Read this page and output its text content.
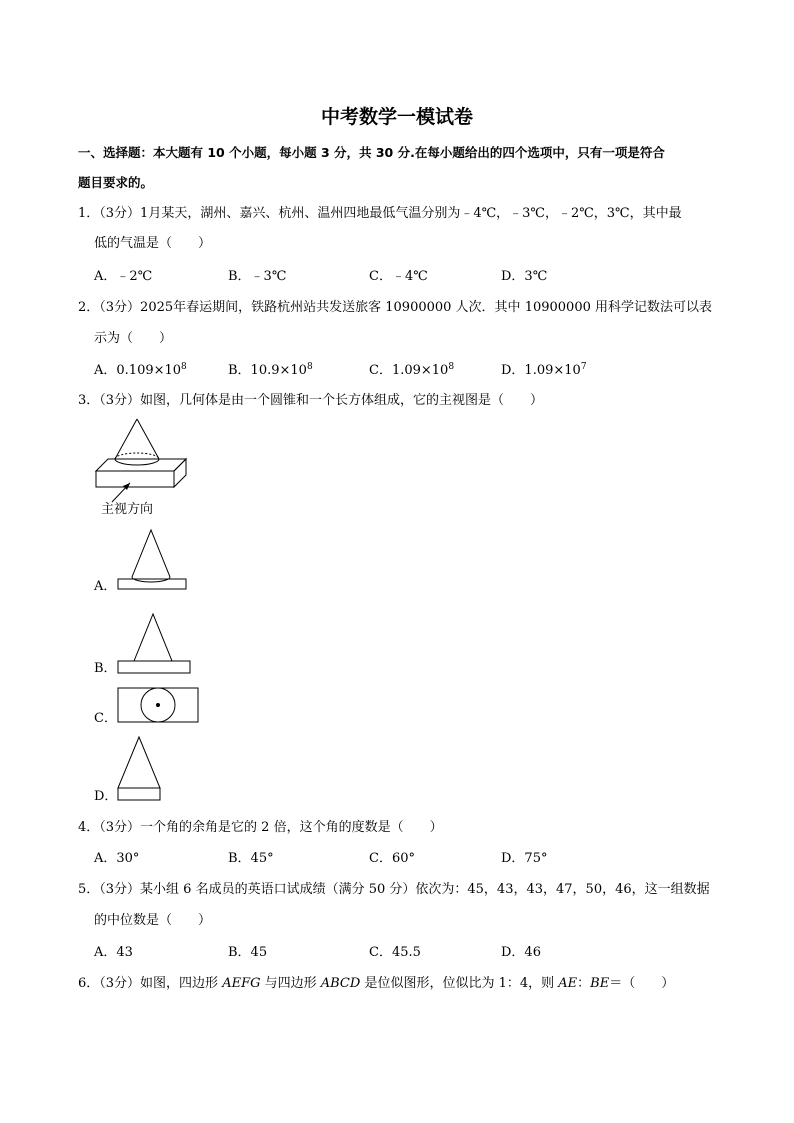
中考数学一模试卷
一、选择题：本大题有 10 个小题，每小题 3 分，共 30 分.在每小题给出的四个选项中，只有一项是符合
题目要求的。
1．（3分）1月某天，湖州、嘉兴、杭州、温州四地最低气温分别为﹣4℃，﹣3℃，﹣2℃，3℃，其中最
低的气温是（　　）
A．﹣2℃	B．﹣3℃	C．﹣4℃	D．3℃
2．（3分）2025年春运期间，铁路杭州站共发送旅客 10900000 人次．其中 10900000 用科学记数法可以表
示为（　　）
A．$0.109\times 10^8$	B．$10.9\times 10^8$	C．$1.09\times 10^8$	D．$1.09\times 10^7$
3．（3分）如图，几何体是由一个圆锥和一个长方体组成，它的主视图是（　　）
主视方向
A．
B．
C．
D．
4．（3分）一个角的余角是它的 2 倍，这个角的度数是（　　）
A．30°	B．45°	C．60°	D．75°
5．（3分）某小组 6 名成员的英语口试成绩（满分 50 分）依次为：45，43，43，47，50，46，这一组数据
的中位数是（　　）
A．43	B．45	C．45.5	D．46
6．（3分）如图，四边形 AEFG 与四边形 ABCD 是位似图形，位似比为 1：4，则 AE：BE＝（　　）
